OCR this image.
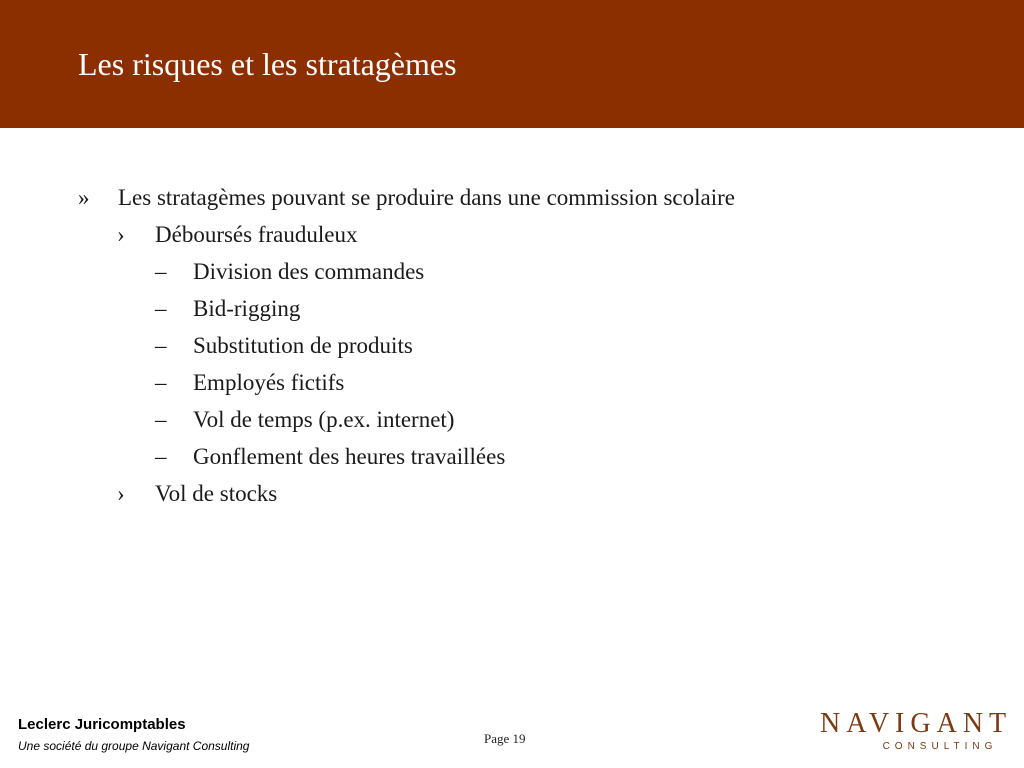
Les risques et les stratagèmes
» Les stratagèmes pouvant se produire dans une commission scolaire
› Déboursés frauduleux
– Division des commandes
– Bid-rigging
– Substitution de produits
– Employés fictifs
– Vol de temps (p.ex. internet)
– Gonflement des heures travaillées
› Vol de stocks
Leclerc Juricomptables
Une société du groupe Navigant Consulting	Page 19	NAVIGANT
CONSULTING
